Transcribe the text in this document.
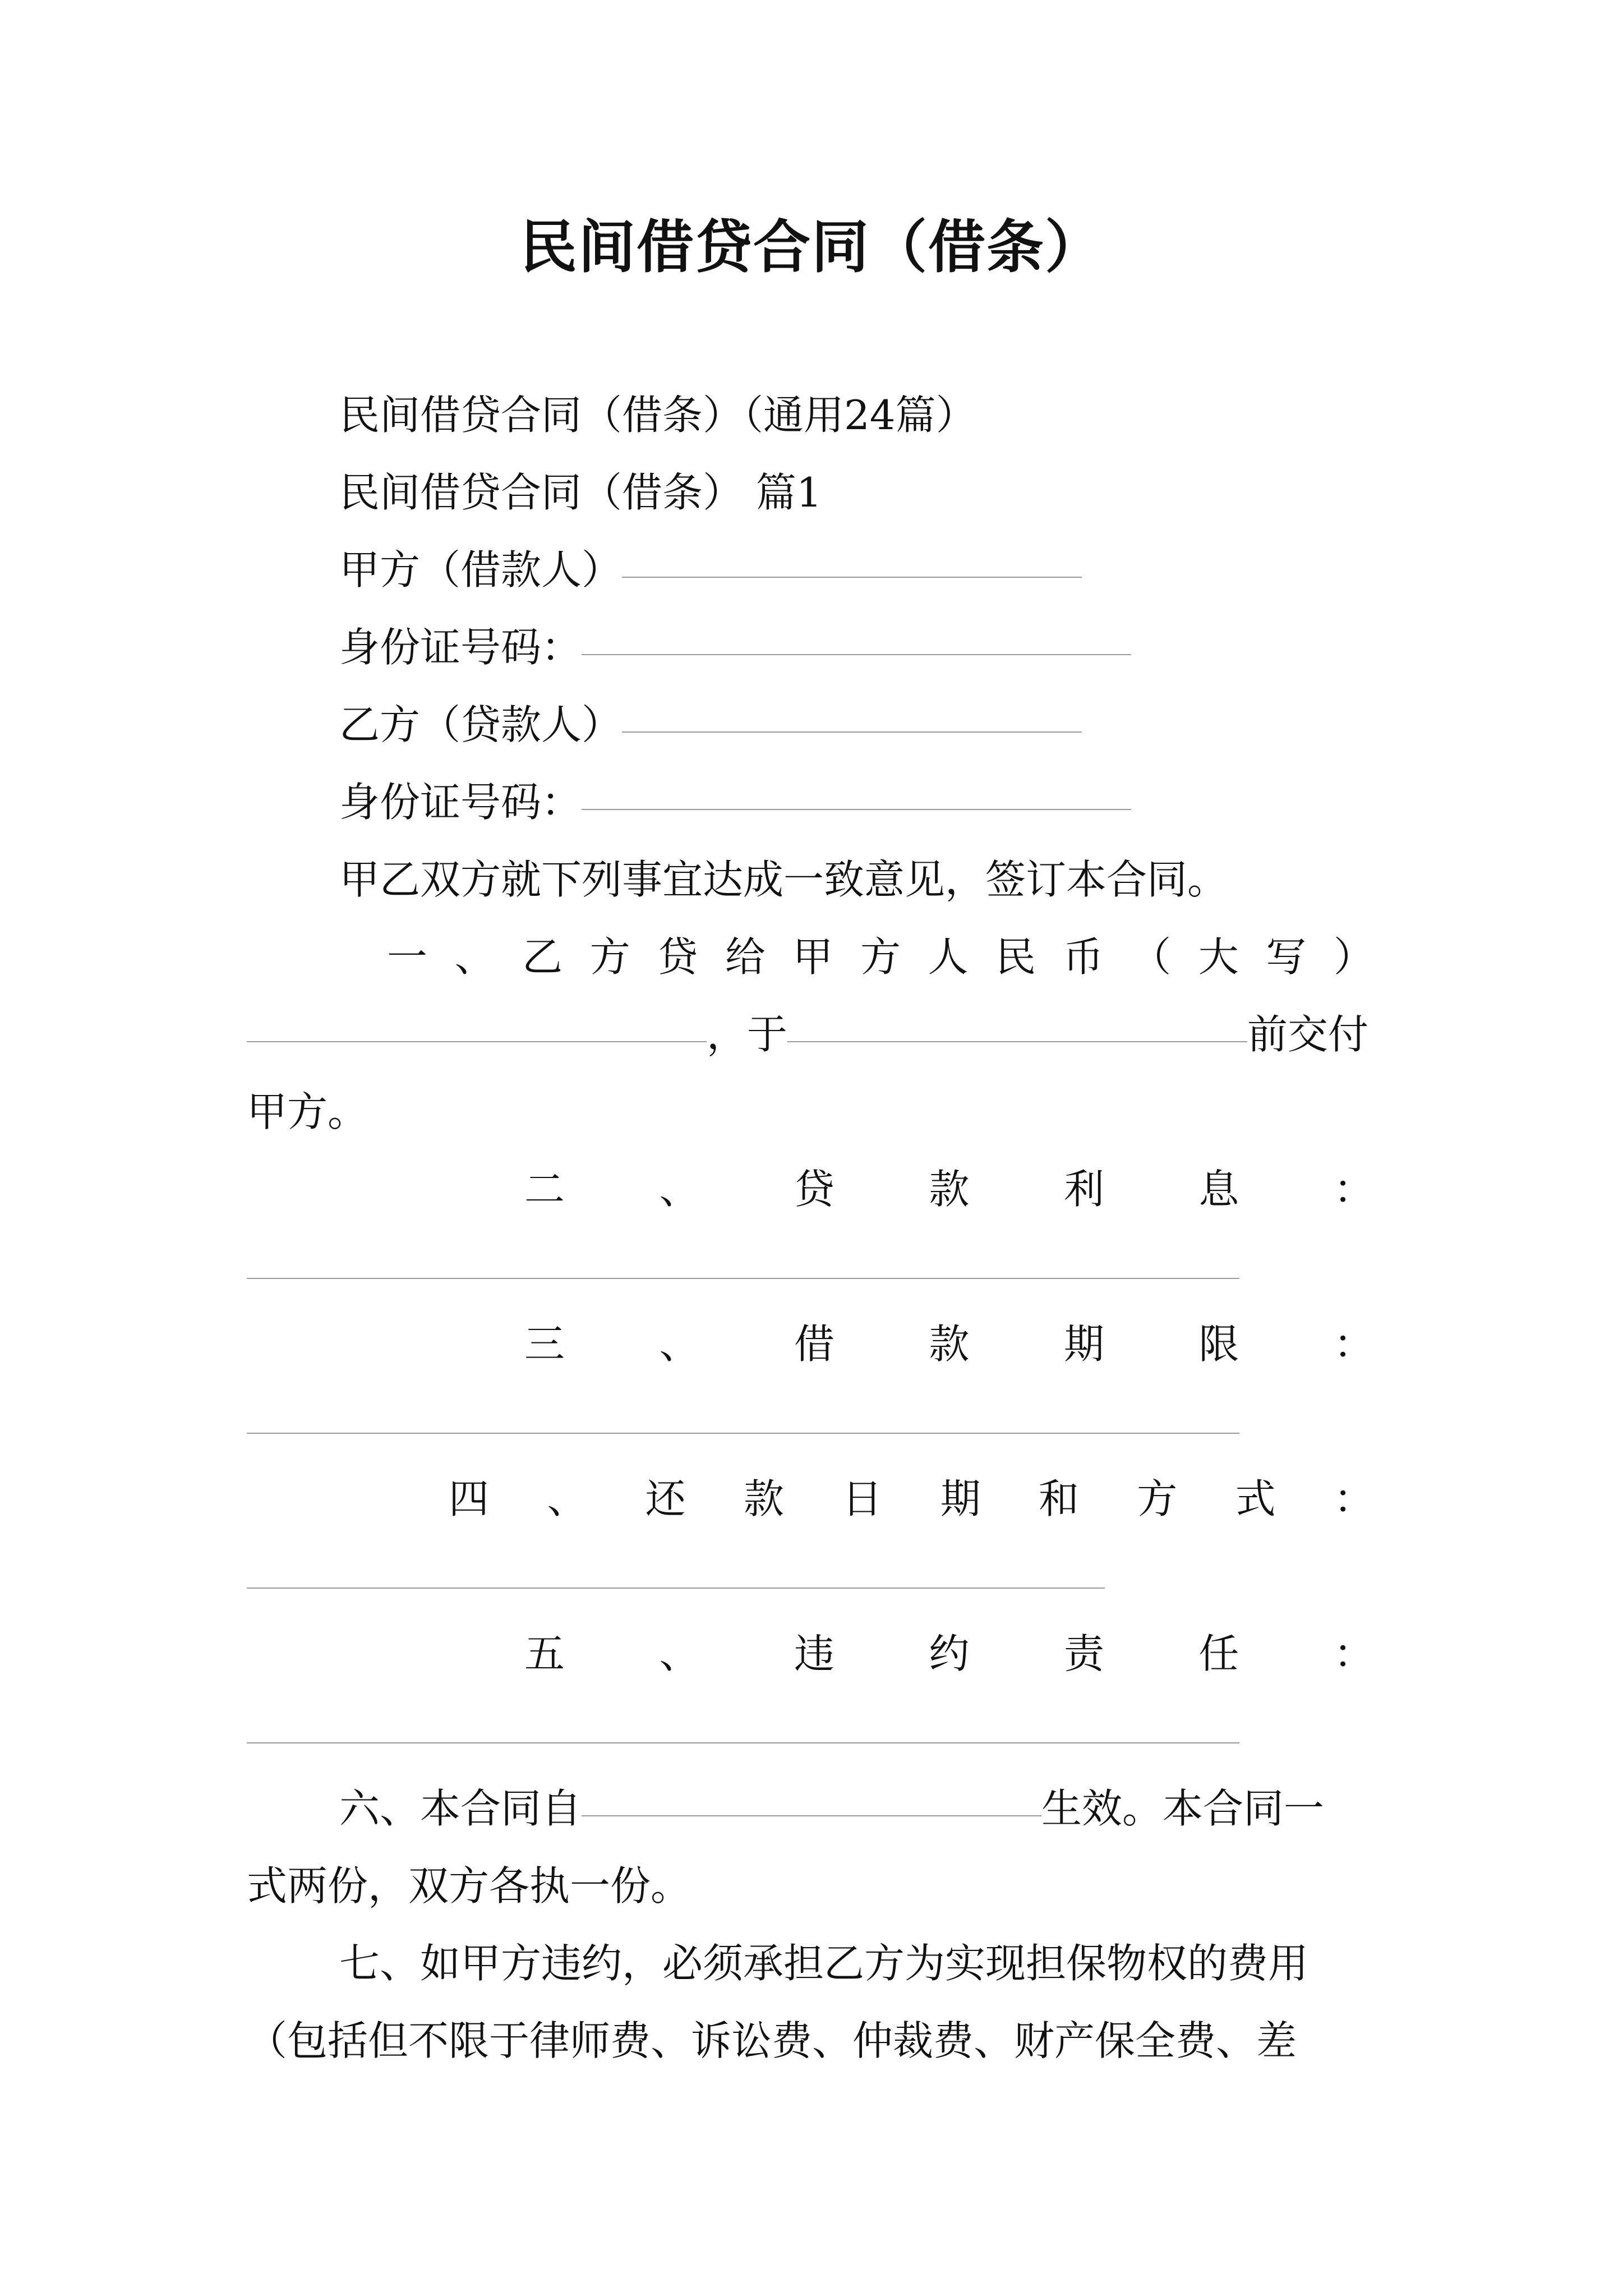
民间借贷合同（借条）
民间借贷合同（借条）（通用24篇）
民间借贷合同（借条） 篇1
甲方（借款人）
身份证号码：
乙方（贷款人）
身份证号码：
甲乙双方就下列事宜达成一致意见，签订本合同。
一 、 乙 方 贷 给 甲 方 人 民 币 （ 大 写 ）
，于	前交付
甲方。
二 、 贷 款 利 息 ：
三 、 借 款 期 限 ：
四 、 还 款 日 期 和 方 式 ：
五 、 违 约 责 任 ：
六、本合同自	生效。本合同一
式两份，双方各执一份。
七、如甲方违约，必须承担乙方为实现担保物权的费用
（包括但不限于律师费、诉讼费、仲裁费、财产保全费、差
